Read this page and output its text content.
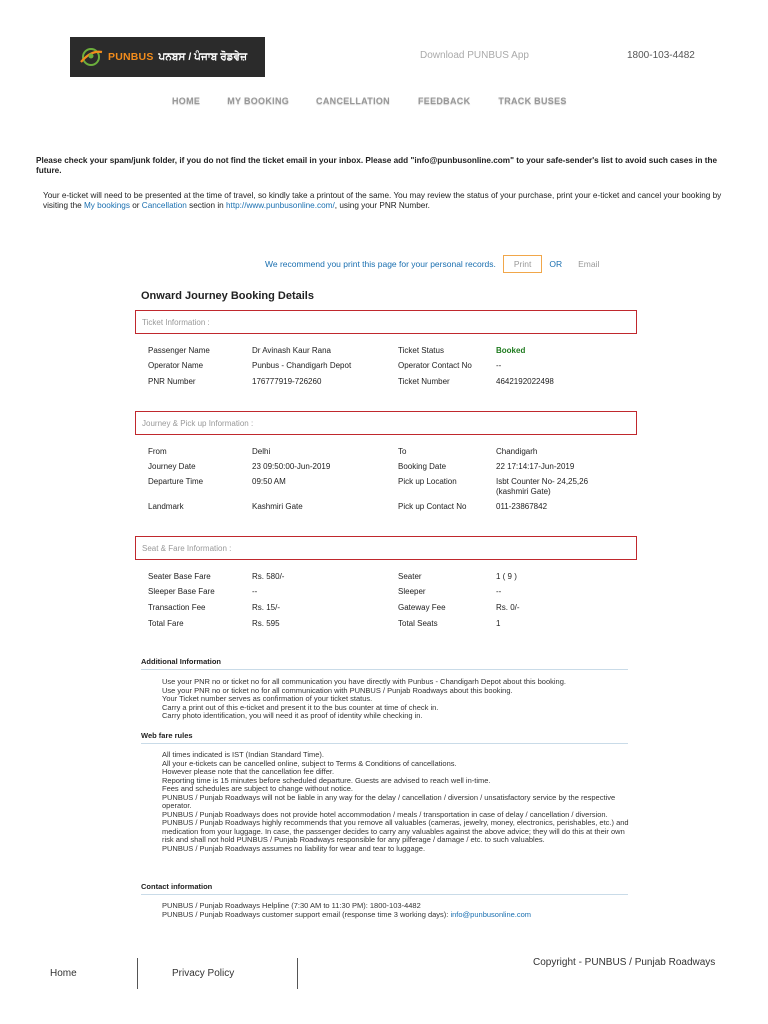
PUNBUS ਪਨਬਸ / ਪੰਜਾਬ ਰੋਡਵੇਜ਼	Download PUNBUS App	1800-103-4482
HOME	MY BOOKING	CANCELLATION	FEEDBACK	TRACK BUSES
Please check your spam/junk folder, if you do not find the ticket email in your inbox. Please add "info@punbusonline.com" to your safe-sender's list to avoid such cases in the future.
Your e-ticket will need to be presented at the time of travel, so kindly take a printout of the same. You may review the status of your purchase, print your e-ticket and cancel your booking by visiting the My bookings or Cancellation section in http://www.punbusonline.com/, using your PNR Number.
We recommend you print this page for your personal records.	Print	OR Email
Onward Journey Booking Details
Ticket Information :
Passenger Name	Dr Avinash Kaur Rana	Ticket Status	Booked
Operator Name	Punbus - Chandigarh Depot	Operator Contact No	--
PNR Number	176777919-726260	Ticket Number	4642192022498
Journey & Pick up Information :
From	Delhi	To	Chandigarh
Journey Date	23 09:50:00-Jun-2019	Booking Date	22 17:14:17-Jun-2019
Departure Time	09:50 AM	Pick up Location	Isbt Counter No- 24,25,26
(kashmiri Gate)
Landmark	Kashmiri Gate	Pick up Contact No	011-23867842
Seat & Fare Information :
Seater Base Fare	Rs. 580/-	Seater	1 ( 9 )
Sleeper Base Fare	--	Sleeper	--
Transaction Fee	Rs. 15/-	Gateway Fee	Rs. 0/-
Total Fare	Rs. 595	Total Seats	1
Additional Information
Use your PNR no or ticket no for all communication you have directly with Punbus - Chandigarh Depot about this booking.
Use your PNR no or ticket no for all communication with PUNBUS / Punjab Roadways about this booking.
Your Ticket number serves as confirmation of your ticket status.
Carry a print out of this e-ticket and present it to the bus counter at time of check in.
Carry photo identification, you will need it as proof of identity while checking in.
Web fare rules
All times indicated is IST (Indian Standard Time).
All your e-tickets can be cancelled online, subject to Terms & Conditions of cancellations.
However please note that the cancellation fee differ.
Reporting time is 15 minutes before scheduled departure. Guests are advised to reach well in-time.
Fees and schedules are subject to change without notice.
PUNBUS / Punjab Roadways will not be liable in any way for the delay / cancellation / diversion / unsatisfactory service by the respective operator.
PUNBUS / Punjab Roadways does not provide hotel accommodation / meals / transportation in case of delay / cancellation / diversion.
PUNBUS / Punjab Roadways highly recommends that you remove all valuables (cameras, jewelry, money, electronics, perishables, etc.) and medication from your luggage. In case, the passenger decides to carry any valuables against the above advice; they will do this at their own risk and shall not hold PUNBUS / Punjab Roadways responsible for any pilferage / damage / etc. to such valuables.
PUNBUS / Punjab Roadways assumes no liability for wear and tear to luggage.
Contact information
PUNBUS / Punjab Roadways Helpline (7:30 AM to 11:30 PM): 1800-103-4482
PUNBUS / Punjab Roadways customer support email (response time 3 working days): info@punbusonline.com
Home	Privacy Policy
Copyright - PUNBUS / Punjab Roadways
